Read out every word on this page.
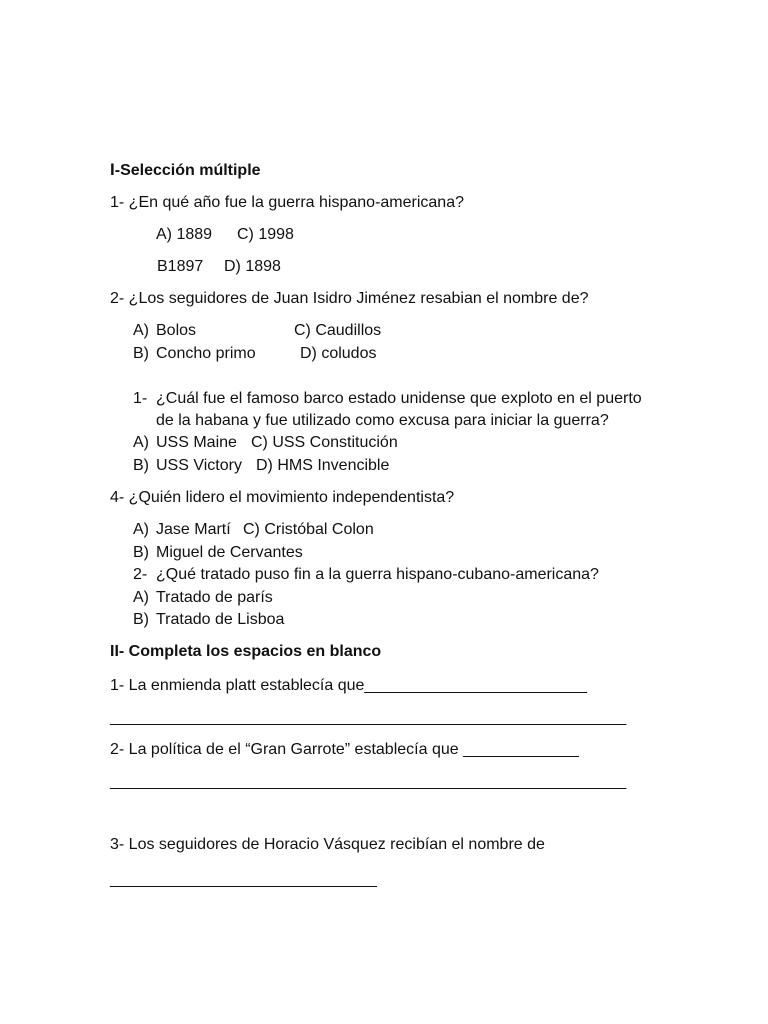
I-Selección múltiple
1- ¿En qué año fue la guerra hispano-americana?
A) 1889 C) 1998
B1897 D) 1898
2- ¿Los seguidores de Juan Isidro Jiménez resabian el nombre de?
A) Bolos	C) Caudillos
B) Concho primo	D) coludos
1- ¿Cuál fue el famoso barco estado unidense que exploto en el puerto
de la habana y fue utilizado como excusa para iniciar la guerra?
A) USS Maine C) USS Constitución
B) USS Victory D) HMS Invencible
4- ¿Quién lidero el movimiento independentista?
A) Jase Martí C) Cristóbal Colon
B) Miguel de Cervantes
2- ¿Qué tratado puso fin a la guerra hispano-cubano-americana?
A) Tratado de parís
B) Tratado de Lisboa
II- Completa los espacios en blanco
1- La enmienda platt establecía que_________________________
__________________________________________________________
2- La política de el “Gran Garrote” establecía que _____________
__________________________________________________________
3- Los seguidores de Horacio Vásquez recibían el nombre de
______________________________
